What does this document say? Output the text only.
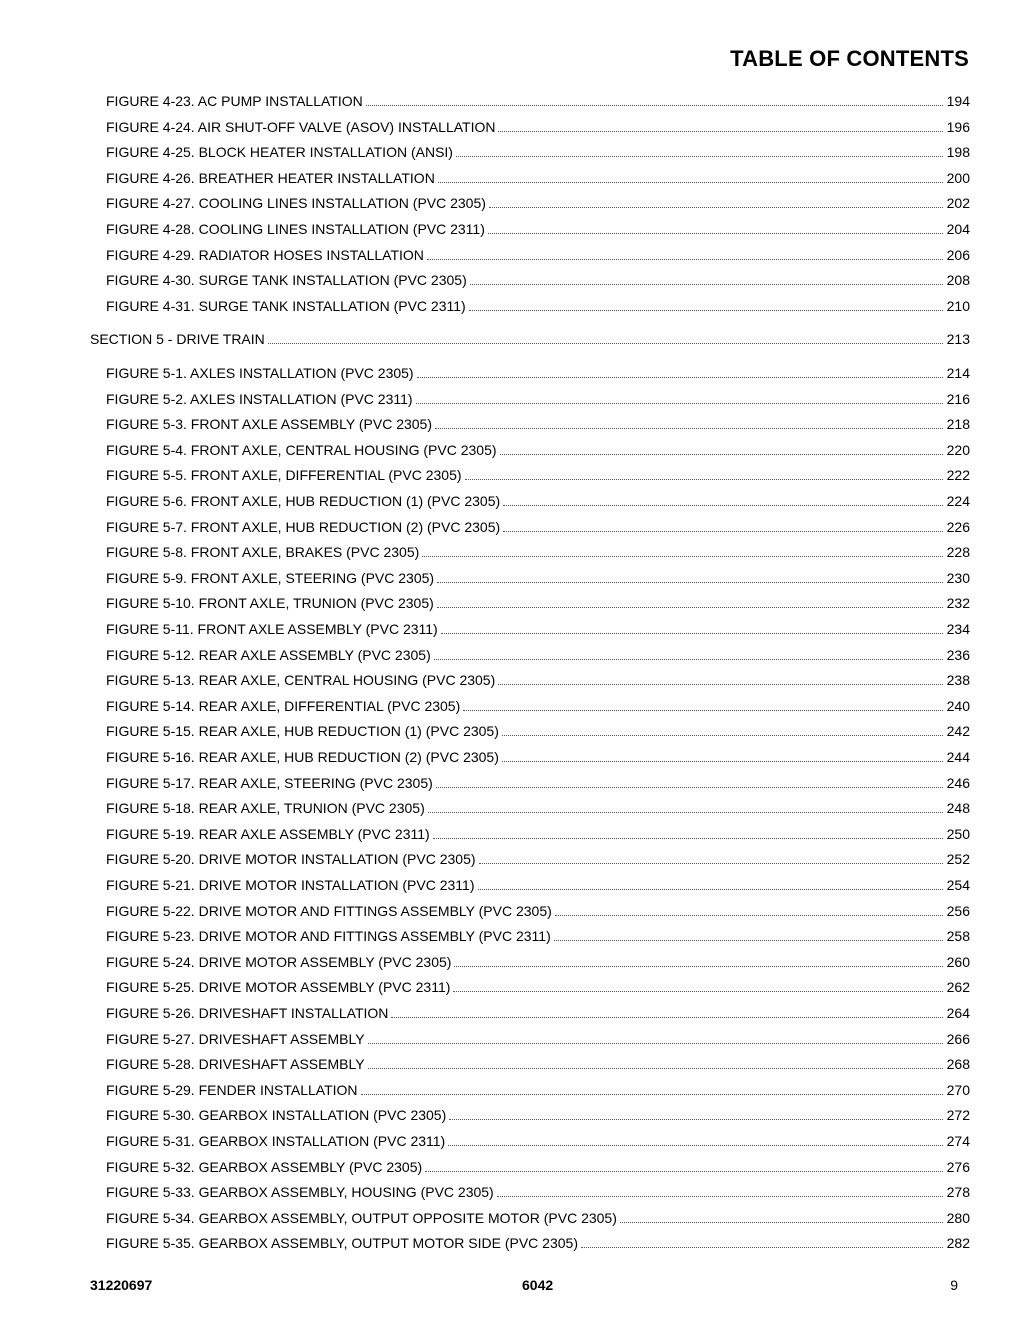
TABLE OF CONTENTS
FIGURE 4-23. AC PUMP INSTALLATION	194
FIGURE 4-24. AIR SHUT-OFF VALVE (ASOV) INSTALLATION	196
FIGURE 4-25. BLOCK HEATER INSTALLATION (ANSI)	198
FIGURE 4-26. BREATHER HEATER INSTALLATION	200
FIGURE 4-27. COOLING LINES INSTALLATION (PVC 2305)	202
FIGURE 4-28. COOLING LINES INSTALLATION (PVC 2311)	204
FIGURE 4-29. RADIATOR HOSES INSTALLATION	206
FIGURE 4-30. SURGE TANK INSTALLATION (PVC 2305)	208
FIGURE 4-31. SURGE TANK INSTALLATION (PVC 2311)	210
SECTION 5 - DRIVE TRAIN	213
FIGURE 5-1. AXLES INSTALLATION (PVC 2305)	214
FIGURE 5-2. AXLES INSTALLATION (PVC 2311)	216
FIGURE 5-3. FRONT AXLE ASSEMBLY (PVC 2305)	218
FIGURE 5-4. FRONT AXLE, CENTRAL HOUSING (PVC 2305)	220
FIGURE 5-5. FRONT AXLE, DIFFERENTIAL (PVC 2305)	222
FIGURE 5-6. FRONT AXLE, HUB REDUCTION (1) (PVC 2305)	224
FIGURE 5-7. FRONT AXLE, HUB REDUCTION (2) (PVC 2305)	226
FIGURE 5-8. FRONT AXLE, BRAKES (PVC 2305)	228
FIGURE 5-9. FRONT AXLE, STEERING (PVC 2305)	230
FIGURE 5-10. FRONT AXLE, TRUNION (PVC 2305)	232
FIGURE 5-11. FRONT AXLE ASSEMBLY (PVC 2311)	234
FIGURE 5-12. REAR AXLE ASSEMBLY (PVC 2305)	236
FIGURE 5-13. REAR AXLE, CENTRAL HOUSING (PVC 2305)	238
FIGURE 5-14. REAR AXLE, DIFFERENTIAL (PVC 2305)	240
FIGURE 5-15. REAR AXLE, HUB REDUCTION (1) (PVC 2305)	242
FIGURE 5-16. REAR AXLE, HUB REDUCTION (2) (PVC 2305)	244
FIGURE 5-17. REAR AXLE, STEERING (PVC 2305)	246
FIGURE 5-18. REAR AXLE, TRUNION (PVC 2305)	248
FIGURE 5-19. REAR AXLE ASSEMBLY (PVC 2311)	250
FIGURE 5-20. DRIVE MOTOR INSTALLATION (PVC 2305)	252
FIGURE 5-21. DRIVE MOTOR INSTALLATION (PVC 2311)	254
FIGURE 5-22. DRIVE MOTOR AND FITTINGS ASSEMBLY (PVC 2305)	256
FIGURE 5-23. DRIVE MOTOR AND FITTINGS ASSEMBLY (PVC 2311)	258
FIGURE 5-24. DRIVE MOTOR ASSEMBLY (PVC 2305)	260
FIGURE 5-25. DRIVE MOTOR ASSEMBLY (PVC 2311)	262
FIGURE 5-26. DRIVESHAFT INSTALLATION	264
FIGURE 5-27. DRIVESHAFT ASSEMBLY	266
FIGURE 5-28. DRIVESHAFT ASSEMBLY	268
FIGURE 5-29. FENDER INSTALLATION	270
FIGURE 5-30. GEARBOX INSTALLATION (PVC 2305)	272
FIGURE 5-31. GEARBOX INSTALLATION (PVC 2311)	274
FIGURE 5-32. GEARBOX ASSEMBLY (PVC 2305)	276
FIGURE 5-33. GEARBOX ASSEMBLY, HOUSING (PVC 2305)	278
FIGURE 5-34. GEARBOX ASSEMBLY, OUTPUT OPPOSITE MOTOR (PVC 2305)	280
FIGURE 5-35. GEARBOX ASSEMBLY, OUTPUT MOTOR SIDE (PVC 2305)	282
31220697	6042	9
